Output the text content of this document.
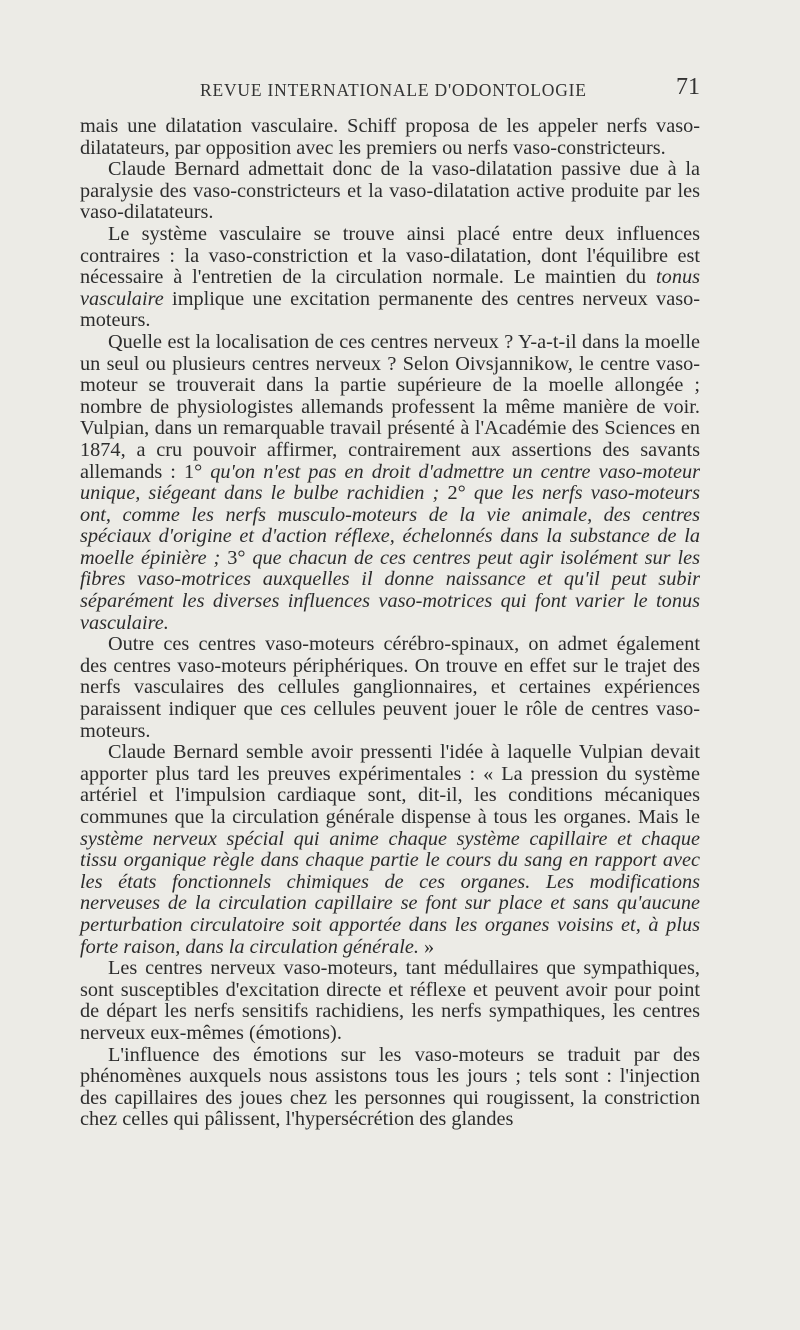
REVUE INTERNATIONALE D'ODONTOLOGIE	71

mais une dilatation vasculaire. Schiff proposa de les appeler nerfs vaso-dilatateurs, par opposition avec les premiers ou nerfs vaso-constricteurs.

Claude Bernard admettait donc de la vaso-dilatation passive due à la paralysie des vaso-constricteurs et la vaso-dilatation active produite par les vaso-dilatateurs.

Le système vasculaire se trouve ainsi placé entre deux influences contraires : la vaso-constriction et la vaso-dilatation, dont l'équilibre est nécessaire à l'entretien de la circulation normale. Le maintien du tonus vasculaire implique une excitation permanente des centres nerveux vaso-moteurs.

Quelle est la localisation de ces centres nerveux ? Y-a-t-il dans la moelle un seul ou plusieurs centres nerveux ? Selon Oivsjannikow, le centre vaso-moteur se trouverait dans la partie supérieure de la moelle allongée ; nombre de physiologistes allemands professent la même manière de voir. Vulpian, dans un remarquable travail présenté à l'Académie des Sciences en 1874, a cru pouvoir affirmer, contrairement aux assertions des savants allemands : 1° qu'on n'est pas en droit d'admettre un centre vaso-moteur unique, siégeant dans le bulbe rachidien ; 2° que les nerfs vaso-moteurs ont, comme les nerfs musculo-moteurs de la vie animale, des centres spéciaux d'origine et d'action réflexe, échelonnés dans la substance de la moelle épinière ; 3° que chacun de ces centres peut agir isolément sur les fibres vaso-motrices auxquelles il donne naissance et qu'il peut subir séparément les diverses influences vaso-motrices qui font varier le tonus vasculaire.

Outre ces centres vaso-moteurs cérébro-spinaux, on admet également des centres vaso-moteurs périphériques. On trouve en effet sur le trajet des nerfs vasculaires des cellules ganglionnaires, et certaines expériences paraissent indiquer que ces cellules peuvent jouer le rôle de centres vaso-moteurs.

Claude Bernard semble avoir pressenti l'idée à laquelle Vulpian devait apporter plus tard les preuves expérimentales : « La pression du système artériel et l'impulsion cardiaque sont, dit-il, les conditions mécaniques communes que la circulation générale dispense à tous les organes. Mais le système nerveux spécial qui anime chaque système capillaire et chaque tissu organique règle dans chaque partie le cours du sang en rapport avec les états fonctionnels chimiques de ces organes. Les modifications nerveuses de la circulation capillaire se font sur place et sans qu'aucune perturbation circulatoire soit apportée dans les organes voisins et, à plus forte raison, dans la circulation générale. »

Les centres nerveux vaso-moteurs, tant médullaires que sympathiques, sont susceptibles d'excitation directe et réflexe et peuvent avoir pour point de départ les nerfs sensitifs rachidiens, les nerfs sympathiques, les centres nerveux eux-mêmes (émotions).

L'influence des émotions sur les vaso-moteurs se traduit par des phénomènes auxquels nous assistons tous les jours ; tels sont : l'injection des capillaires des joues chez les personnes qui rougissent, la constriction chez celles qui pâlissent, l'hypersécrétion des glandes
